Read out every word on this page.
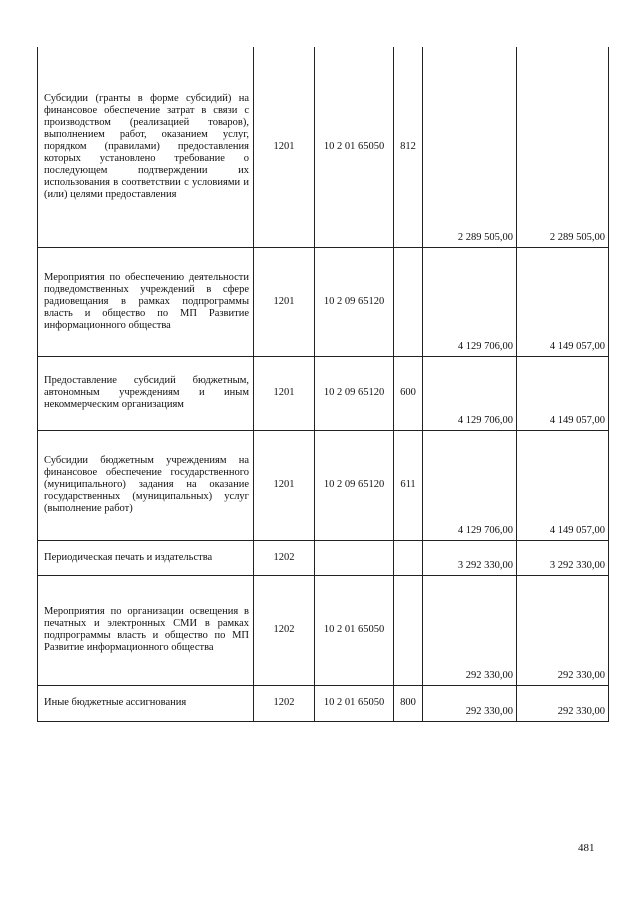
Субсидии (гранты в форме субсидий) на финансовое обеспечение затрат в связи с производством (реализацией товаров), выполнением работ, оказанием услуг, порядком (правилами) предоставления которых установлено требование о последующем подтверждении их использования в соответствии с условиями и (или) целями предоставления	1201	10 2 01 65050	812	2 289 505,00	2 289 505,00
Мероприятия по обеспечению деятельности подведомственных учреждений в сфере радиовещания в рамках подпрограммы власть и общество по МП Развитие информационного общества	1201	10 2 09 65120		4 129 706,00	4 149 057,00
Предоставление субсидий бюджетным, автономным учреждениям и иным некоммерческим организациям	1201	10 2 09 65120	600	4 129 706,00	4 149 057,00
Субсидии бюджетным учреждениям на финансовое обеспечение государственного (муниципального) задания на оказание государственных (муниципальных) услуг (выполнение работ)	1201	10 2 09 65120	611	4 129 706,00	4 149 057,00
Периодическая печать и издательства	1202			3 292 330,00	3 292 330,00
Мероприятия по организации освещения в печатных и электронных СМИ в рамках подпрограммы власть и общество по МП Развитие информационного общества	1202	10 2 01 65050		292 330,00	292 330,00
Иные бюджетные ассигнования	1202	10 2 01 65050	800	292 330,00	292 330,00
481
